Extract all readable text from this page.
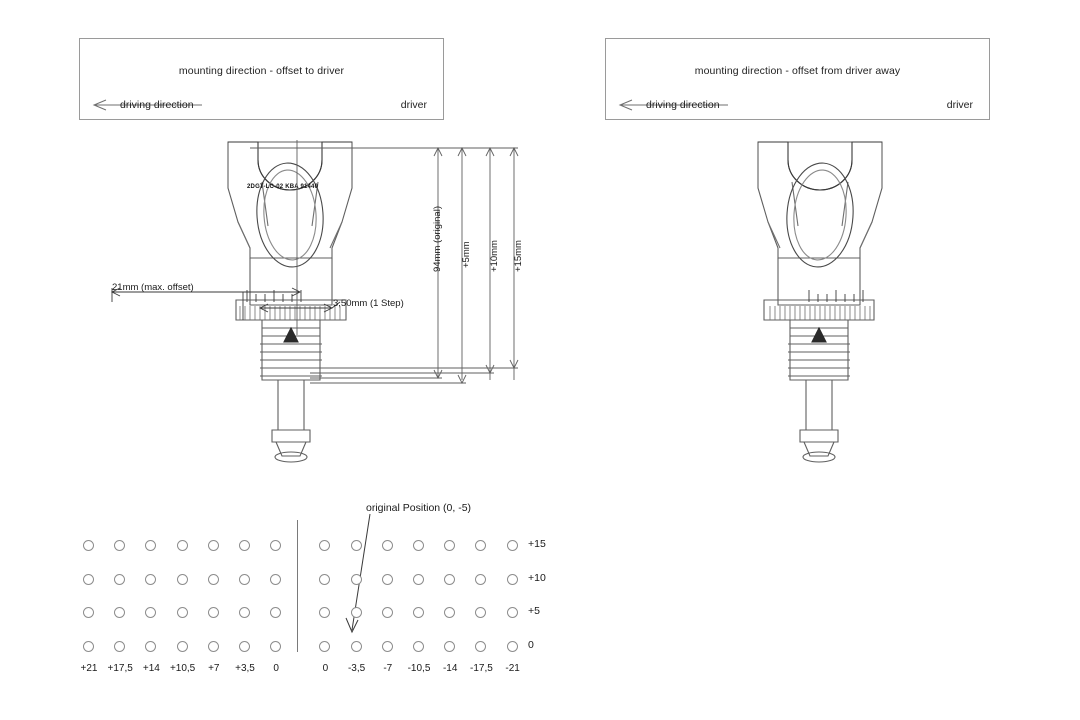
mounting direction - offset to driver
driving direction	driver
mounting direction - offset from driver away
driving direction	driver
2DGT-LC-02 KBA 91440
21mm (max. offset)
3,50mm (1 Step)
94mm (original) +5mm +10mm +15mm
original Position (0, -5)
+15
+10
+5
0
+21	+17,5	+14	+10,5	+7	+3,5	0	0	-3,5	-7	-10,5	-14	-17,5	-21
